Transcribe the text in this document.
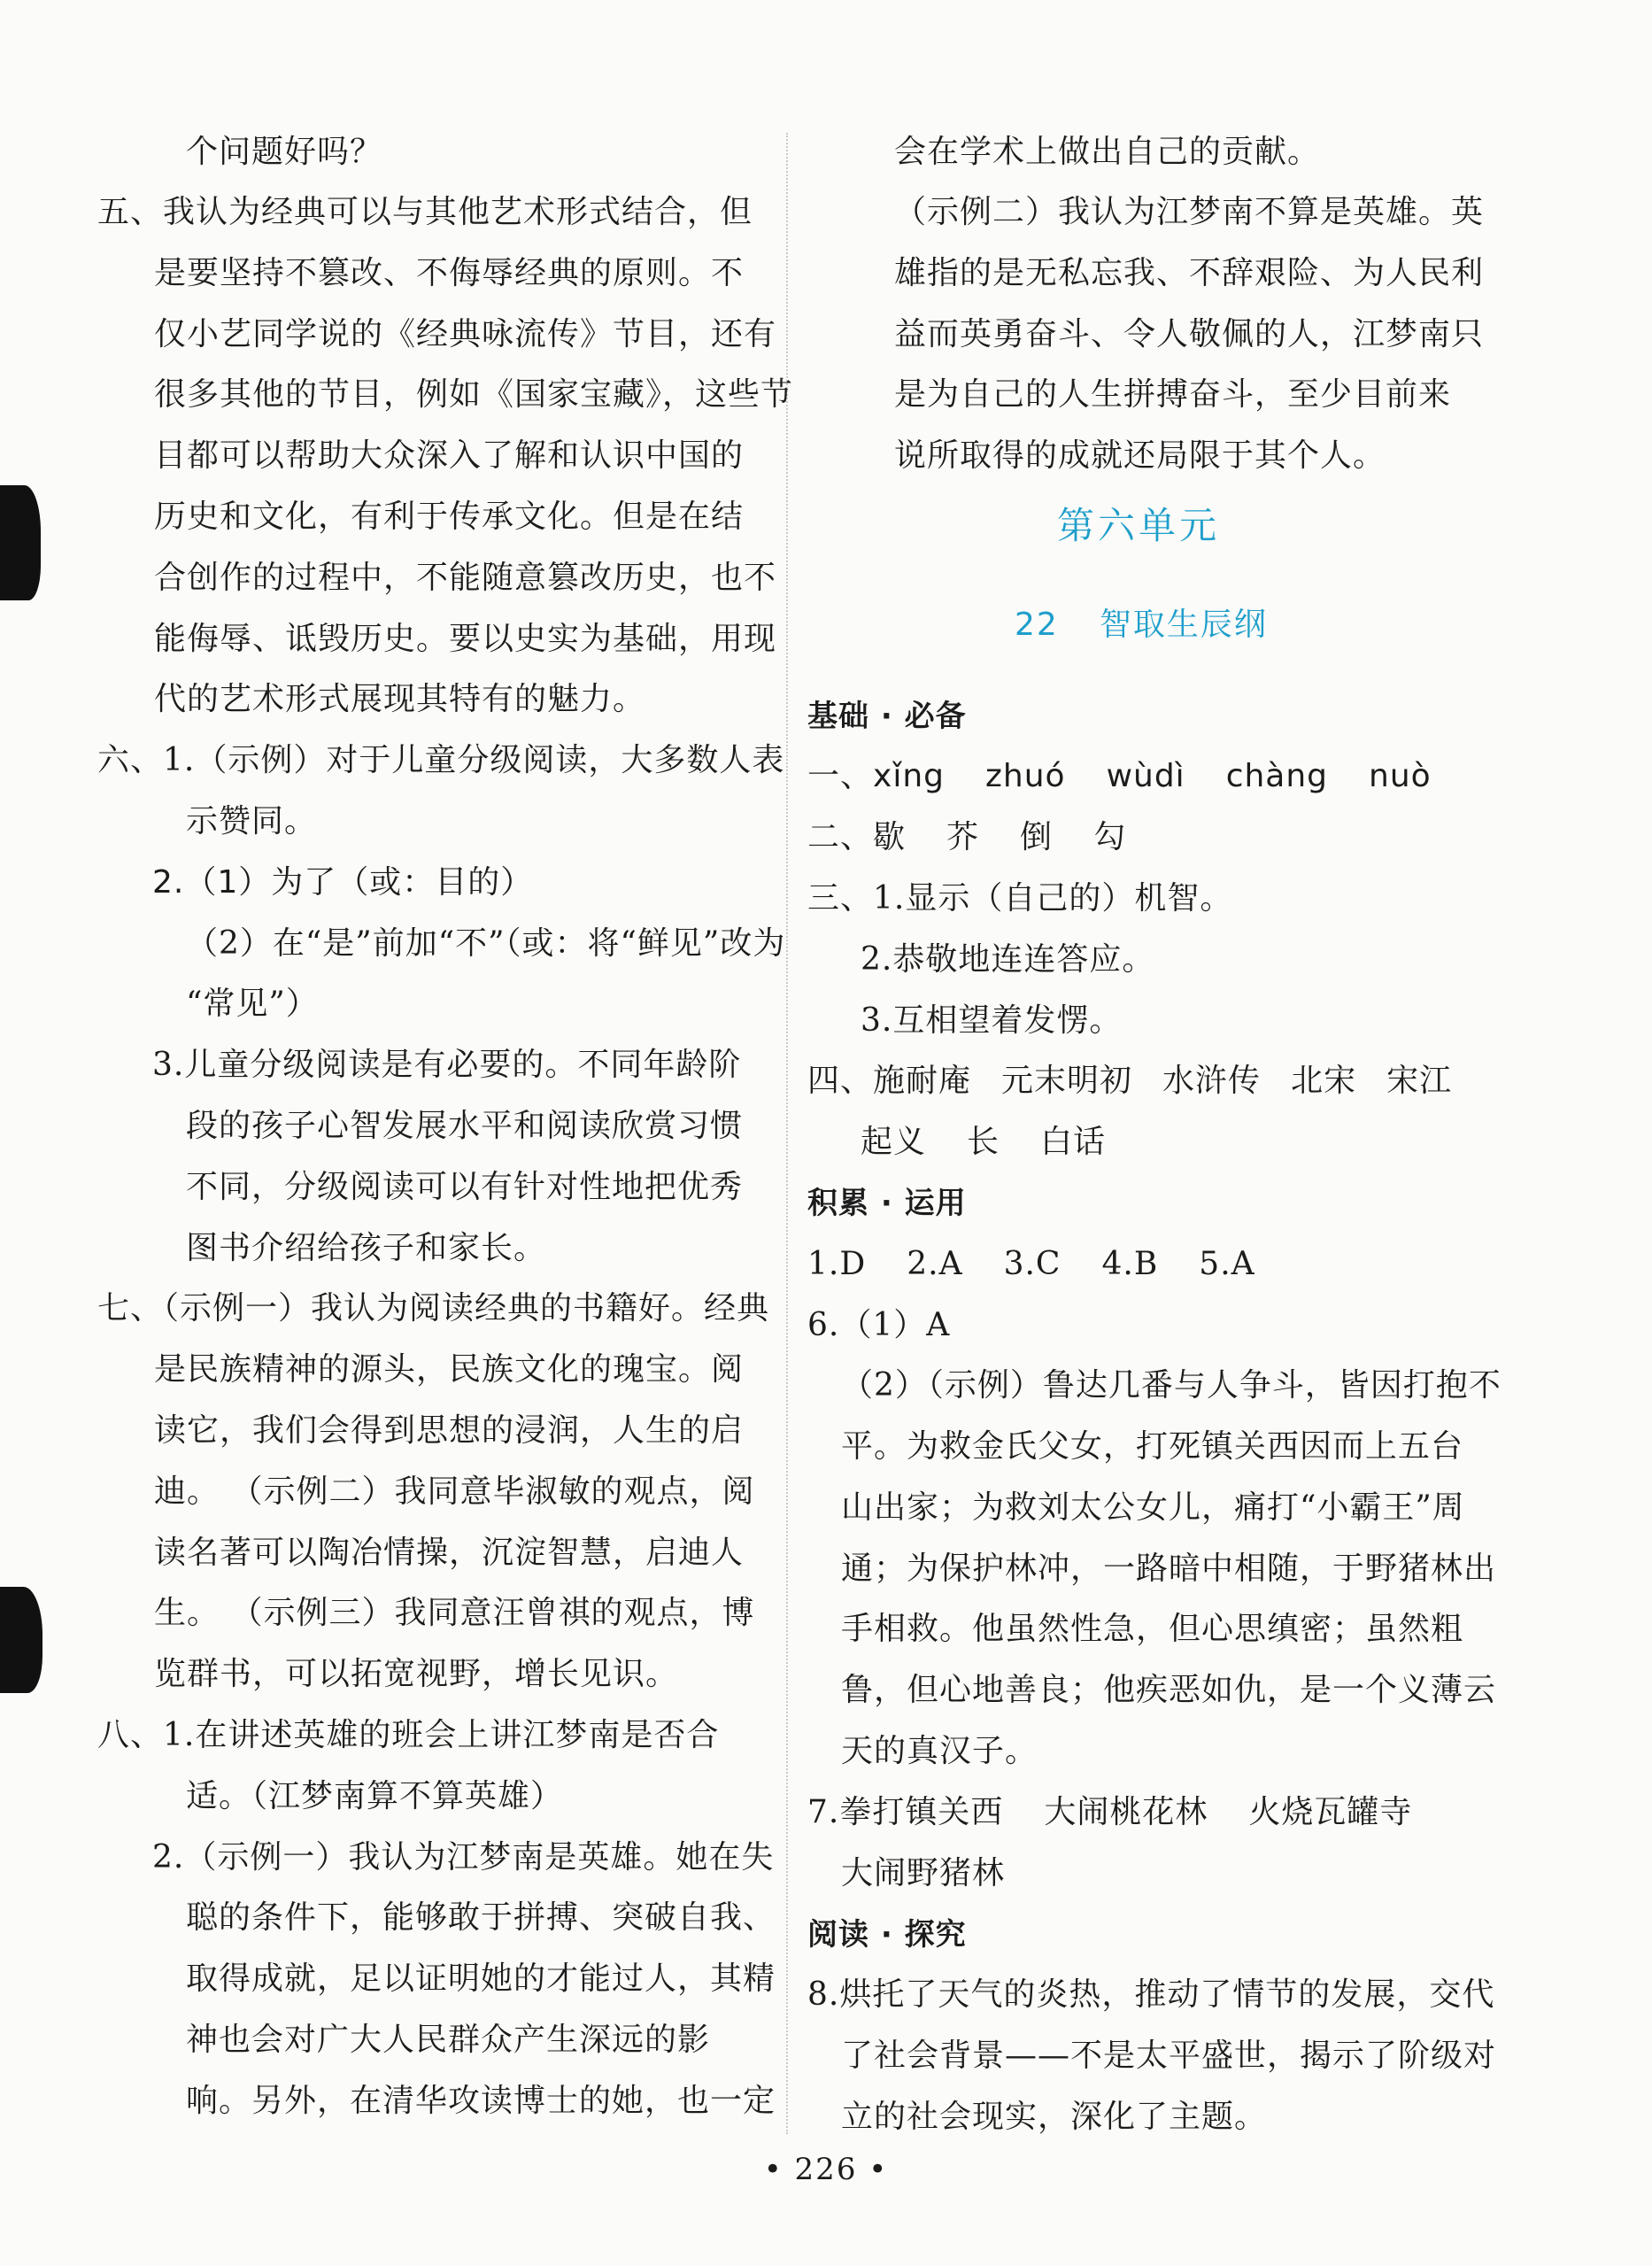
个问题好吗？
五、我认为经典可以与其他艺术形式结合，但
是要坚持不篡改、不侮辱经典的原则。不
仅小艺同学说的《经典咏流传》节目，还有
很多其他的节目，例如《国家宝藏》，这些节
目都可以帮助大众深入了解和认识中国的
历史和文化，有利于传承文化。但是在结
合创作的过程中，不能随意篡改历史，也不
能侮辱、诋毁历史。要以史实为基础，用现
代的艺术形式展现其特有的魅力。
六、1.（示例）对于儿童分级阅读，大多数人表
示赞同。
2.（1）为了（或：目的）
（2）在“是”前加“不”（或：将“鲜见”改为
“常见”）
3.儿童分级阅读是有必要的。不同年龄阶
段的孩子心智发展水平和阅读欣赏习惯
不同，分级阅读可以有针对性地把优秀
图书介绍给孩子和家长。
七、（示例一）我认为阅读经典的书籍好。经典
是民族精神的源头，民族文化的瑰宝。阅
读它，我们会得到思想的浸润，人生的启
迪。 （示例二）我同意毕淑敏的观点，阅
读名著可以陶冶情操，沉淀智慧，启迪人
生。 （示例三）我同意汪曾祺的观点，博
览群书，可以拓宽视野，增长见识。
八、1.在讲述英雄的班会上讲江梦南是否合
适。（江梦南算不算英雄）
2.（示例一）我认为江梦南是英雄。她在失
聪的条件下，能够敢于拼搏、突破自我、
取得成就，足以证明她的才能过人，其精
神也会对广大人民群众产生深远的影
响。另外，在清华攻读博士的她，也一定
会在学术上做出自己的贡献。
（示例二）我认为江梦南不算是英雄。英
雄指的是无私忘我、不辞艰险、为人民利
益而英勇奋斗、令人敬佩的人，江梦南只
是为自己的人生拼搏奋斗，至少目前来
说所取得的成就还局限于其个人。
第六单元
22 智取生辰纲
基础 · 必备
一、xǐng zhuó wùdì chàng nuò
二、歇 芥 倒 勾
三、1.显示（自己的）机智。
2.恭敬地连连答应。
3.互相望着发愣。
四、施耐庵 元末明初 水浒传 北宋 宋江
起义 长 白话
积累 · 运用
1.D 2.A 3.C 4.B 5.A
6.（1）A
（2）（示例）鲁达几番与人争斗，皆因打抱不
平。为救金氏父女，打死镇关西因而上五台
山出家；为救刘太公女儿，痛打“小霸王”周
通；为保护林冲，一路暗中相随，于野猪林出
手相救。他虽然性急，但心思缜密；虽然粗
鲁，但心地善良；他疾恶如仇，是一个义薄云
天的真汉子。
7.拳打镇关西 大闹桃花林 火烧瓦罐寺
大闹野猪林
阅读 · 探究
8.烘托了天气的炎热，推动了情节的发展，交代
了社会背景——不是太平盛世，揭示了阶级对
立的社会现实，深化了主题。
• 226 •
